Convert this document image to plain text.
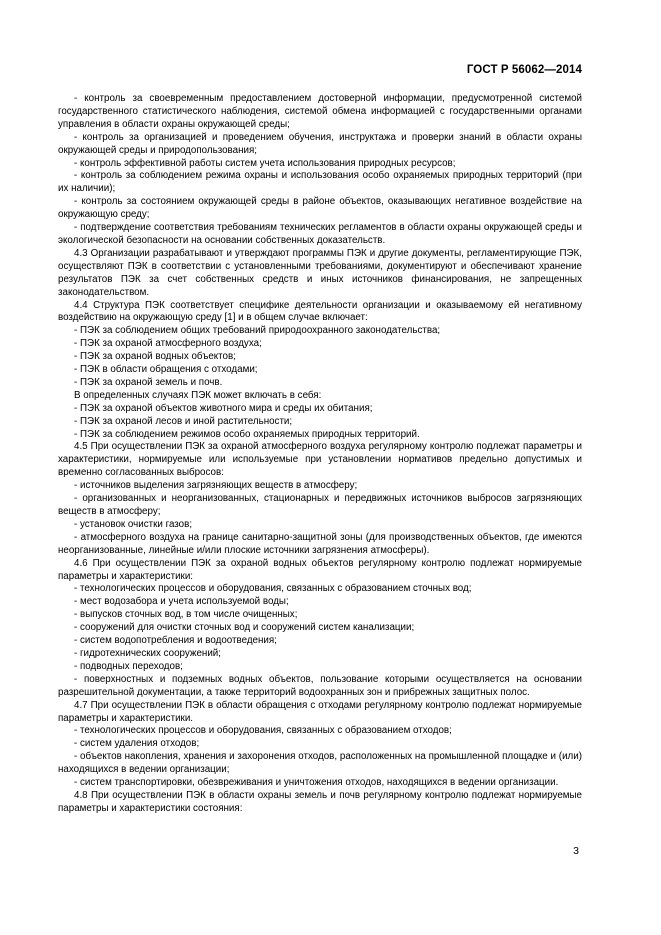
ГОСТ Р 56062—2014

- контроль за своевременным предоставлением достоверной информации, предусмотренной системой государственного статистического наблюдения, системой обмена информацией с государственными органами управления в области охраны окружающей среды;

- контроль за организацией и проведением обучения, инструктажа и проверки знаний в области охраны окружающей среды и природопользования;

- контроль эффективной работы систем учета использования природных ресурсов;

- контроль за соблюдением режима охраны и использования особо охраняемых природных территорий (при их наличии);

- контроль за состоянием окружающей среды в районе объектов, оказывающих негативное воздействие на окружающую среду;

- подтверждение соответствия требованиям технических регламентов в области охраны окружающей среды и экологической безопасности на основании собственных доказательств.

4.3 Организации разрабатывают и утверждают программы ПЭК и другие документы, регламентирующие ПЭК, осуществляют ПЭК в соответствии с установленными требованиями, документируют и обеспечивают хранение результатов ПЭК за счет собственных средств и иных источников финансирования, не запрещенных законодательством.

4.4 Структура ПЭК соответствует специфике деятельности организации и оказываемому ей негативному воздействию на окружающую среду [1] и в общем случае включает:

- ПЭК за соблюдением общих требований природоохранного законодательства;

- ПЭК за охраной атмосферного воздуха;

- ПЭК за охраной водных объектов;

- ПЭК в области обращения с отходами;

- ПЭК за охраной земель и почв.

В определенных случаях ПЭК может включать в себя:

- ПЭК за охраной объектов животного мира и среды их обитания;

- ПЭК за охраной лесов и иной растительности;

- ПЭК за соблюдением режимов особо охраняемых природных территорий.

4.5 При осуществлении ПЭК за охраной атмосферного воздуха регулярному контролю подлежат параметры и характеристики, нормируемые или используемые при установлении нормативов предельно допустимых и временно согласованных выбросов:

- источников выделения загрязняющих веществ в атмосферу;

- организованных и неорганизованных, стационарных и передвижных источников выбросов загрязняющих веществ в атмосферу;

- установок очистки газов;

- атмосферного воздуха на границе санитарно-защитной зоны (для производственных объектов, где имеются неорганизованные, линейные и/или плоские источники загрязнения атмосферы).

4.6 При осуществлении ПЭК за охраной водных объектов регулярному контролю подлежат нормируемые параметры и характеристики:

- технологических процессов и оборудования, связанных с образованием сточных вод;

- мест водозабора и учета используемой воды;

- выпусков сточных вод, в том числе очищенных;

- сооружений для очистки сточных вод и сооружений систем канализации;

- систем водопотребления и водоотведения;

- гидротехнических сооружений;

- подводных переходов;

- поверхностных и подземных водных объектов, пользование которыми осуществляется на основании разрешительной документации, а также территорий водоохранных зон и прибрежных защитных полос.

4.7 При осуществлении ПЭК в области обращения с отходами регулярному контролю подлежат нормируемые параметры и характеристики.

- технологических процессов и оборудования, связанных с образованием отходов;

- систем удаления отходов;

- объектов накопления, хранения и захоронения отходов, расположенных на промышленной площадке и (или) находящихся в ведении организации;

- систем транспортировки, обезвреживания и уничтожения отходов, находящихся в ведении организации.

4.8 При осуществлении ПЭК в области охраны земель и почв регулярному контролю подлежат нормируемые параметры и характеристики состояния:

3
